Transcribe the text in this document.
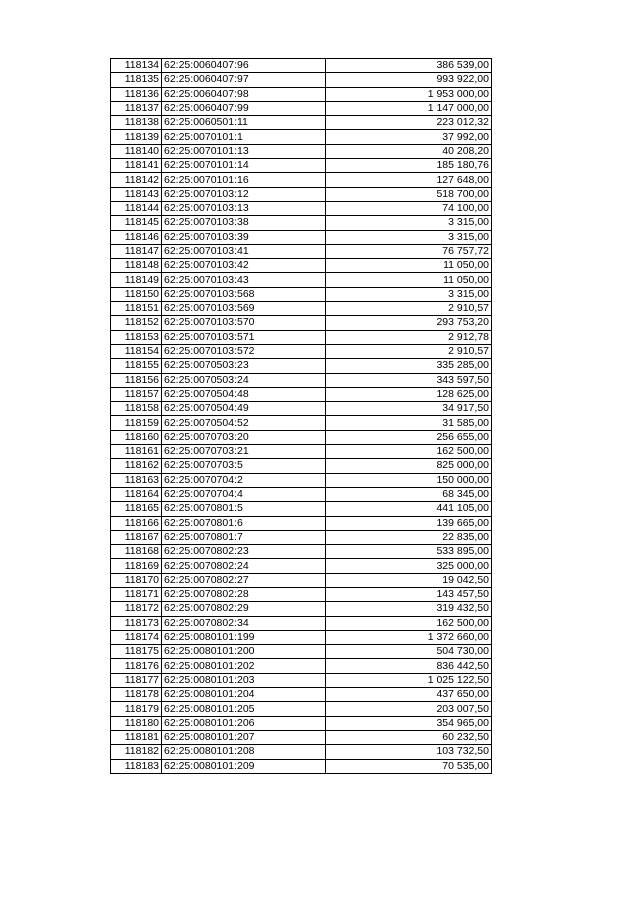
118134	62:25:0060407:96	386 539,00
118135	62:25:0060407:97	993 922,00
118136	62:25:0060407:98	1 953 000,00
118137	62:25:0060407:99	1 147 000,00
118138	62:25:0060501:11	223 012,32
118139	62:25:0070101:1	37 992,00
118140	62:25:0070101:13	40 208,20
118141	62:25:0070101:14	185 180,76
118142	62:25:0070101:16	127 648,00
118143	62:25:0070103:12	518 700,00
118144	62:25:0070103:13	74 100,00
118145	62:25:0070103:38	3 315,00
118146	62:25:0070103:39	3 315,00
118147	62:25:0070103:41	76 757,72
118148	62:25:0070103:42	11 050,00
118149	62:25:0070103:43	11 050,00
118150	62:25:0070103:568	3 315,00
118151	62:25:0070103:569	2 910,57
118152	62:25:0070103:570	293 753,20
118153	62:25:0070103:571	2 912,78
118154	62:25:0070103:572	2 910,57
118155	62:25:0070503:23	335 285,00
118156	62:25:0070503:24	343 597,50
118157	62:25:0070504:48	128 625,00
118158	62:25:0070504:49	34 917,50
118159	62:25:0070504:52	31 585,00
118160	62:25:0070703:20	256 655,00
118161	62:25:0070703:21	162 500,00
118162	62:25:0070703:5	825 000,00
118163	62:25:0070704:2	150 000,00
118164	62:25:0070704:4	68 345,00
118165	62:25:0070801:5	441 105,00
118166	62:25:0070801:6	139 665,00
118167	62:25:0070801:7	22 835,00
118168	62:25:0070802:23	533 895,00
118169	62:25:0070802:24	325 000,00
118170	62:25:0070802:27	19 042,50
118171	62:25:0070802:28	143 457,50
118172	62:25:0070802:29	319 432,50
118173	62:25:0070802:34	162 500,00
118174	62:25:0080101:199	1 372 660,00
118175	62:25:0080101:200	504 730,00
118176	62:25:0080101:202	836 442,50
118177	62:25:0080101:203	1 025 122,50
118178	62:25:0080101:204	437 650,00
118179	62:25:0080101:205	203 007,50
118180	62:25:0080101:206	354 965,00
118181	62:25:0080101:207	60 232,50
118182	62:25:0080101:208	103 732,50
118183	62:25:0080101:209	70 535,00
